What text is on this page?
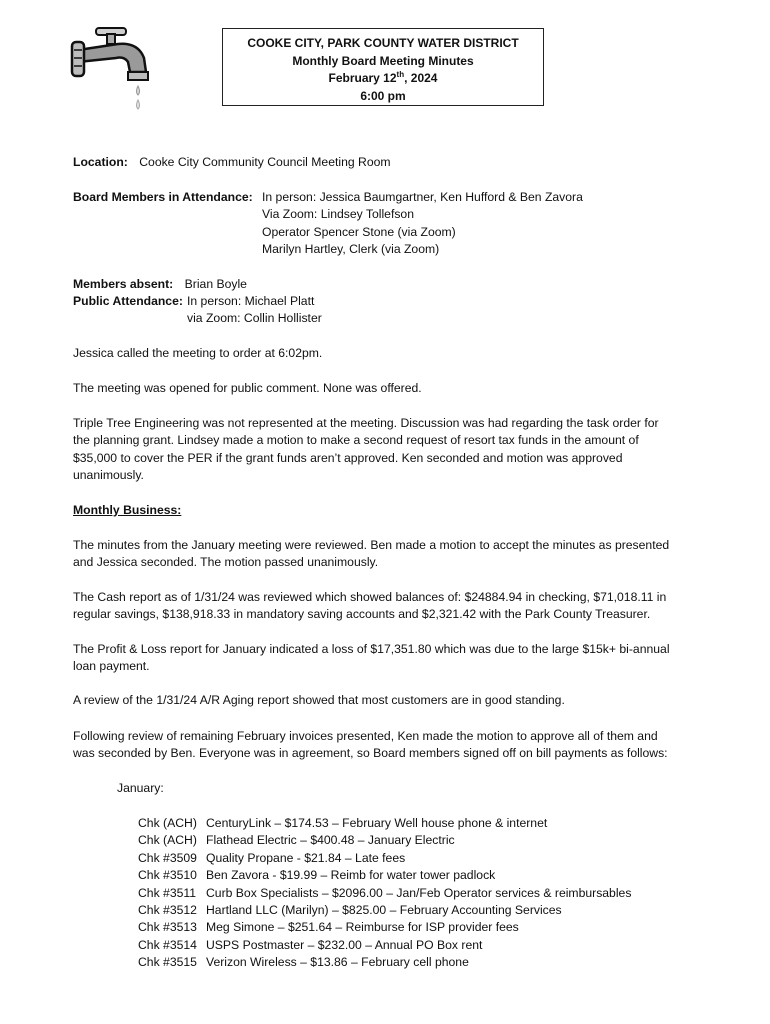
COOKE CITY, PARK COUNTY WATER DISTRICT
Monthly Board Meeting Minutes
February 12th, 2024
6:00 pm
Location: Cooke City Community Council Meeting Room
Board Members in Attendance: In person: Jessica Baumgartner, Ken Hufford & Ben Zavora
Via Zoom: Lindsey Tollefson
Operator Spencer Stone (via Zoom)
Marilyn Hartley, Clerk (via Zoom)
Members absent: Brian Boyle
Public Attendance: In person: Michael Platt
via Zoom: Collin Hollister
Jessica called the meeting to order at 6:02pm.
The meeting was opened for public comment. None was offered.
Triple Tree Engineering was not represented at the meeting. Discussion was had regarding the task order for
the planning grant. Lindsey made a motion to make a second request of resort tax funds in the amount of
$35,000 to cover the PER if the grant funds aren’t approved. Ken seconded and motion was approved
unanimously.
Monthly Business:
The minutes from the January meeting were reviewed. Ben made a motion to accept the minutes as presented
and Jessica seconded. The motion passed unanimously.
The Cash report as of 1/31/24 was reviewed which showed balances of: $24884.94 in checking, $71,018.11 in
regular savings, $138,918.33 in mandatory saving accounts and $2,321.42 with the Park County Treasurer.
The Profit & Loss report for January indicated a loss of $17,351.80 which was due to the large $15k+ bi-annual
loan payment.
A review of the 1/31/24 A/R Aging report showed that most customers are in good standing.
Following review of remaining February invoices presented, Ken made the motion to approve all of them and
was seconded by Ben. Everyone was in agreement, so Board members signed off on bill payments as follows:
January:
Chk (ACH) CenturyLink – $174.53 – February Well house phone & internet
Chk (ACH) Flathead Electric – $400.48 – January Electric
Chk #3509 Quality Propane - $21.84 – Late fees
Chk #3510 Ben Zavora - $19.99 – Reimb for water tower padlock
Chk #3511 Curb Box Specialists – $2096.00 – Jan/Feb Operator services & reimbursables
Chk #3512 Hartland LLC (Marilyn) – $825.00 – February Accounting Services
Chk #3513 Meg Simone – $251.64 – Reimburse for ISP provider fees
Chk #3514 USPS Postmaster – $232.00 – Annual PO Box rent
Chk #3515 Verizon Wireless – $13.86 – February cell phone
